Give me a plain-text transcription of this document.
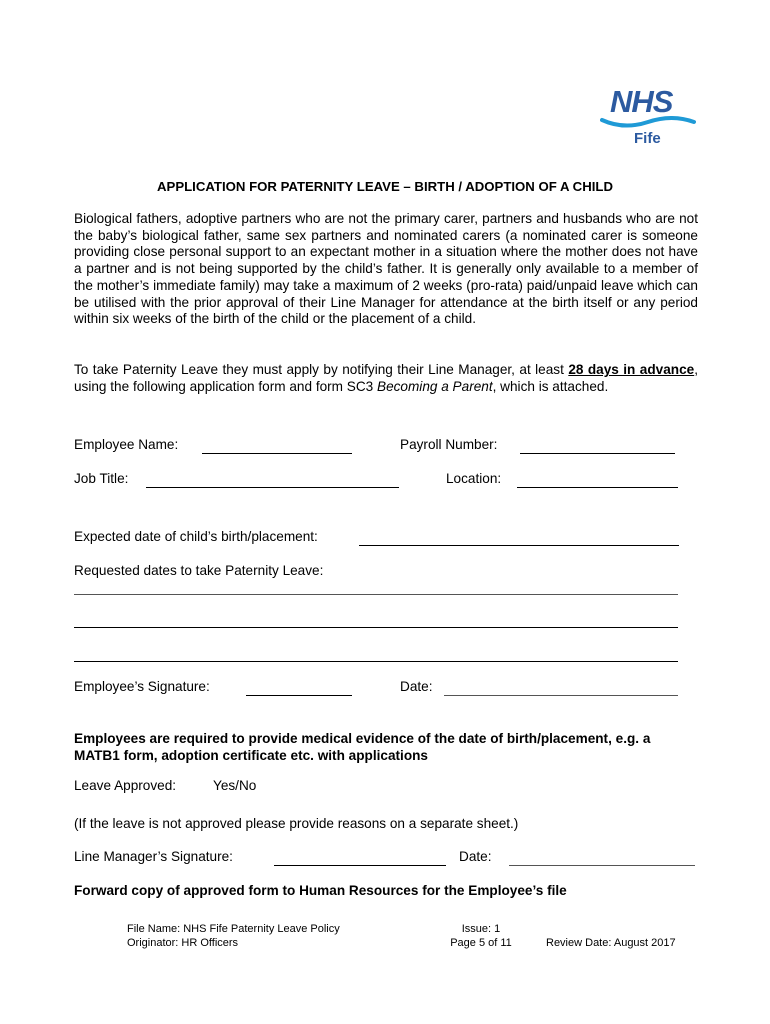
NHS
Fife
APPLICATION FOR PATERNITY LEAVE – BIRTH / ADOPTION OF A CHILD
Biological fathers, adoptive partners who are not the primary carer, partners and husbands who are not the baby’s biological father, same sex partners and nominated carers (a nominated carer is someone providing close personal support to an expectant mother in a situation where the mother does not have a partner and is not being supported by the child’s father. It is generally only available to a member of the mother’s immediate family) may take a maximum of 2 weeks (pro-rata) paid/unpaid leave which can be utilised with the prior approval of their Line Manager for attendance at the birth itself or any period within six weeks of the birth of the child or the placement of a child.
To take Paternity Leave they must apply by notifying their Line Manager, at least 28 days in advance, using the following application form and form SC3 Becoming a Parent, which is attached.
Employee Name:	Payroll Number:
Job Title:	Location:
Expected date of child’s birth/placement:
Requested dates to take Paternity Leave:
Employee’s Signature:	Date:
Employees are required to provide medical evidence of the date of birth/placement, e.g. a MATB1 form, adoption certificate etc. with applications
Leave Approved:	Yes/No
(If the leave is not approved please provide reasons on a separate sheet.)
Line Manager’s Signature:	Date:
Forward copy of approved form to Human Resources for the Employee’s file
File Name: NHS Fife Paternity Leave Policy
Originator: HR Officers
Issue: 1
Page 5 of 11	Review Date: August 2017
